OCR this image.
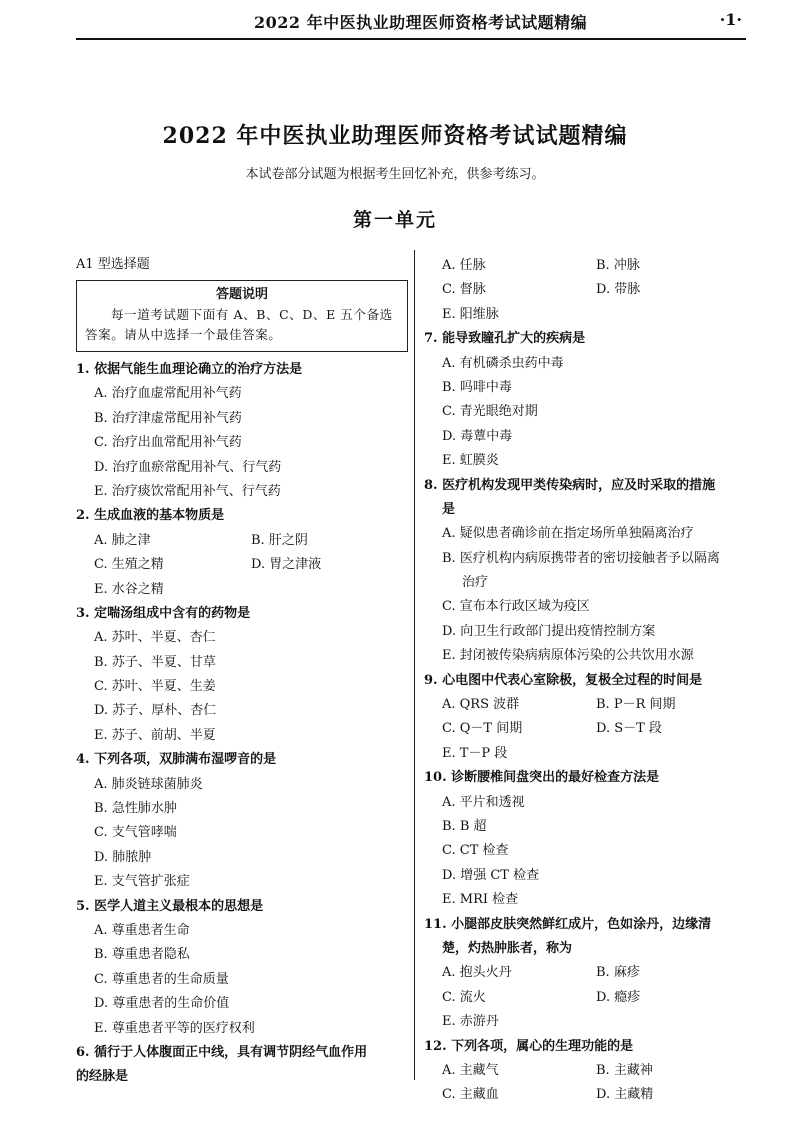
2022 年中医执业助理医师资格考试试题精编	·1·
2022 年中医执业助理医师资格考试试题精编
本试卷部分试题为根据考生回忆补充，供参考练习。
第一单元
A1 型选择题
答题说明
每一道考试题下面有 A、B、C、D、E 五个备选答案。请从中选择一个最佳答案。
1. 依据气能生血理论确立的治疗方法是
A. 治疗血虚常配用补气药
B. 治疗津虚常配用补气药
C. 治疗出血常配用补气药
D. 治疗血瘀常配用补气、行气药
E. 治疗痰饮常配用补气、行气药
2. 生成血液的基本物质是
A. 肺之津	B. 肝之阴
C. 生殖之精	D. 胃之津液
E. 水谷之精
3. 定喘汤组成中含有的药物是
A. 苏叶、半夏、杏仁
B. 苏子、半夏、甘草
C. 苏叶、半夏、生姜
D. 苏子、厚朴、杏仁
E. 苏子、前胡、半夏
4. 下列各项，双肺满布湿啰音的是
A. 肺炎链球菌肺炎
B. 急性肺水肿
C. 支气管哮喘
D. 肺脓肿
E. 支气管扩张症
5. 医学人道主义最根本的思想是
A. 尊重患者生命
B. 尊重患者隐私
C. 尊重患者的生命质量
D. 尊重患者的生命价值
E. 尊重患者平等的医疗权利
6. 循行于人体腹面正中线，具有调节阴经气血作用
的经脉是
A. 任脉	B. 冲脉
C. 督脉	D. 带脉
E. 阳维脉
7. 能导致瞳孔扩大的疾病是
A. 有机磷杀虫药中毒
B. 吗啡中毒
C. 青光眼绝对期
D. 毒蕈中毒
E. 虹膜炎
8. 医疗机构发现甲类传染病时，应及时采取的措施
是
A. 疑似患者确诊前在指定场所单独隔离治疗
B. 医疗机构内病原携带者的密切接触者予以隔离
治疗
C. 宣布本行政区域为疫区
D. 向卫生行政部门提出疫情控制方案
E. 封闭被传染病病原体污染的公共饮用水源
9. 心电图中代表心室除极，复极全过程的时间是
A. QRS 波群	B. P－R 间期
C. Q－T 间期	D. S－T 段
E. T－P 段
10. 诊断腰椎间盘突出的最好检查方法是
A. 平片和透视
B. B 超
C. CT 检查
D. 增强 CT 检查
E. MRI 检查
11. 小腿部皮肤突然鲜红成片，色如涂丹，边缘清
楚，灼热肿胀者，称为
A. 抱头火丹	B. 麻疹
C. 流火	D. 瘾疹
E. 赤游丹
12. 下列各项，属心的生理功能的是
A. 主藏气	B. 主藏神
C. 主藏血	D. 主藏精
